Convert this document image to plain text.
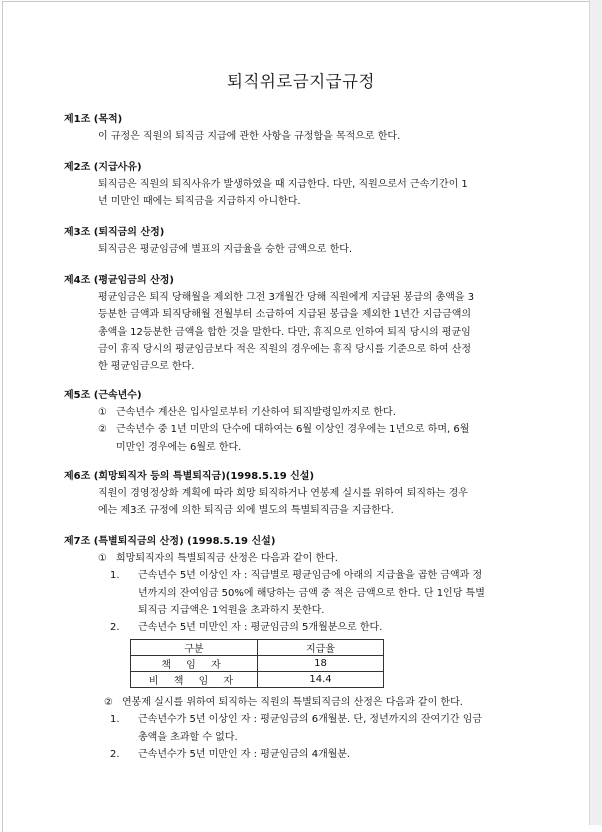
퇴직위로금지급규정
제1조 (목적)
이 규정은 직원의 퇴직금 지급에 관한 사항을 규정함을 목적으로 한다.
제2조 (지급사유)
퇴직금은 직원의 퇴직사유가 발생하였을 때 지급한다. 다만, 직원으로서 근속기간이 1
년 미만인 때에는 퇴직금을 지급하지 아니한다.
제3조 (퇴직금의 산정)
퇴직금은 평균임금에 별표의 지급율을 승한 금액으로 한다.
제4조 (평균임금의 산정)
평균임금은 퇴직 당해월을 제외한 그전 3개월간 당해 직원에게 지급된 봉급의 총액을 3
등분한 금액과 퇴직당해월 전월부터 소급하여 지급된 봉급을 제외한 1년간 지급금액의
총액을 12등분한 금액을 합한 것을 말한다. 다만, 휴직으로 인하여 퇴직 당시의 평균임
금이 휴직 당시의 평균임금보다 적은 직원의 경우에는 휴직 당시를 기준으로 하여 산정
한 평균임금으로 한다.
제5조 (근속년수)
① 근속년수 계산은 입사일로부터 기산하여 퇴직발령일까지로 한다.
② 근속년수 중 1년 미만의 단수에 대하여는 6월 이상인 경우에는 1년으로 하며, 6월
미만인 경우에는 6월로 한다.
제6조 (희망퇴직자 등의 특별퇴직금)(1998.5.19 신설)
직원이 경영정상화 계획에 따라 희망 퇴직하거나 연봉제 실시를 위하여 퇴직하는 경우
에는 제3조 규정에 의한 퇴직금 외에 별도의 특별퇴직금을 지급한다.
제7조 (특별퇴직금의 산정) (1998.5.19 신설)
① 희망퇴직자의 특별퇴직금 산정은 다음과 같이 한다.
1. 근속년수 5년 이상인 자 : 직급별로 평균임금에 아래의 지급율을 곱한 금액과 정
년까지의 잔여임금 50%에 해당하는 금액 중 적은 금액으로 한다. 단 1인당 특별
퇴직금 지급액은 1억원을 초과하지 못한다.
2. 근속년수 5년 미만인 자 : 평균임금의 5개월분으로 한다.
구분	지급율
책 임 자	18
비 책 임 자	14.4
② 연봉제 실시를 위하여 퇴직하는 직원의 특별퇴직금의 산정은 다음과 같이 한다.
1. 근속년수가 5년 이상인 자 : 평균임금의 6개월분. 단, 정년까지의 잔여기간 임금
총액을 초과할 수 없다.
2. 근속년수가 5년 미만인 자 : 평균임금의 4개월분.
